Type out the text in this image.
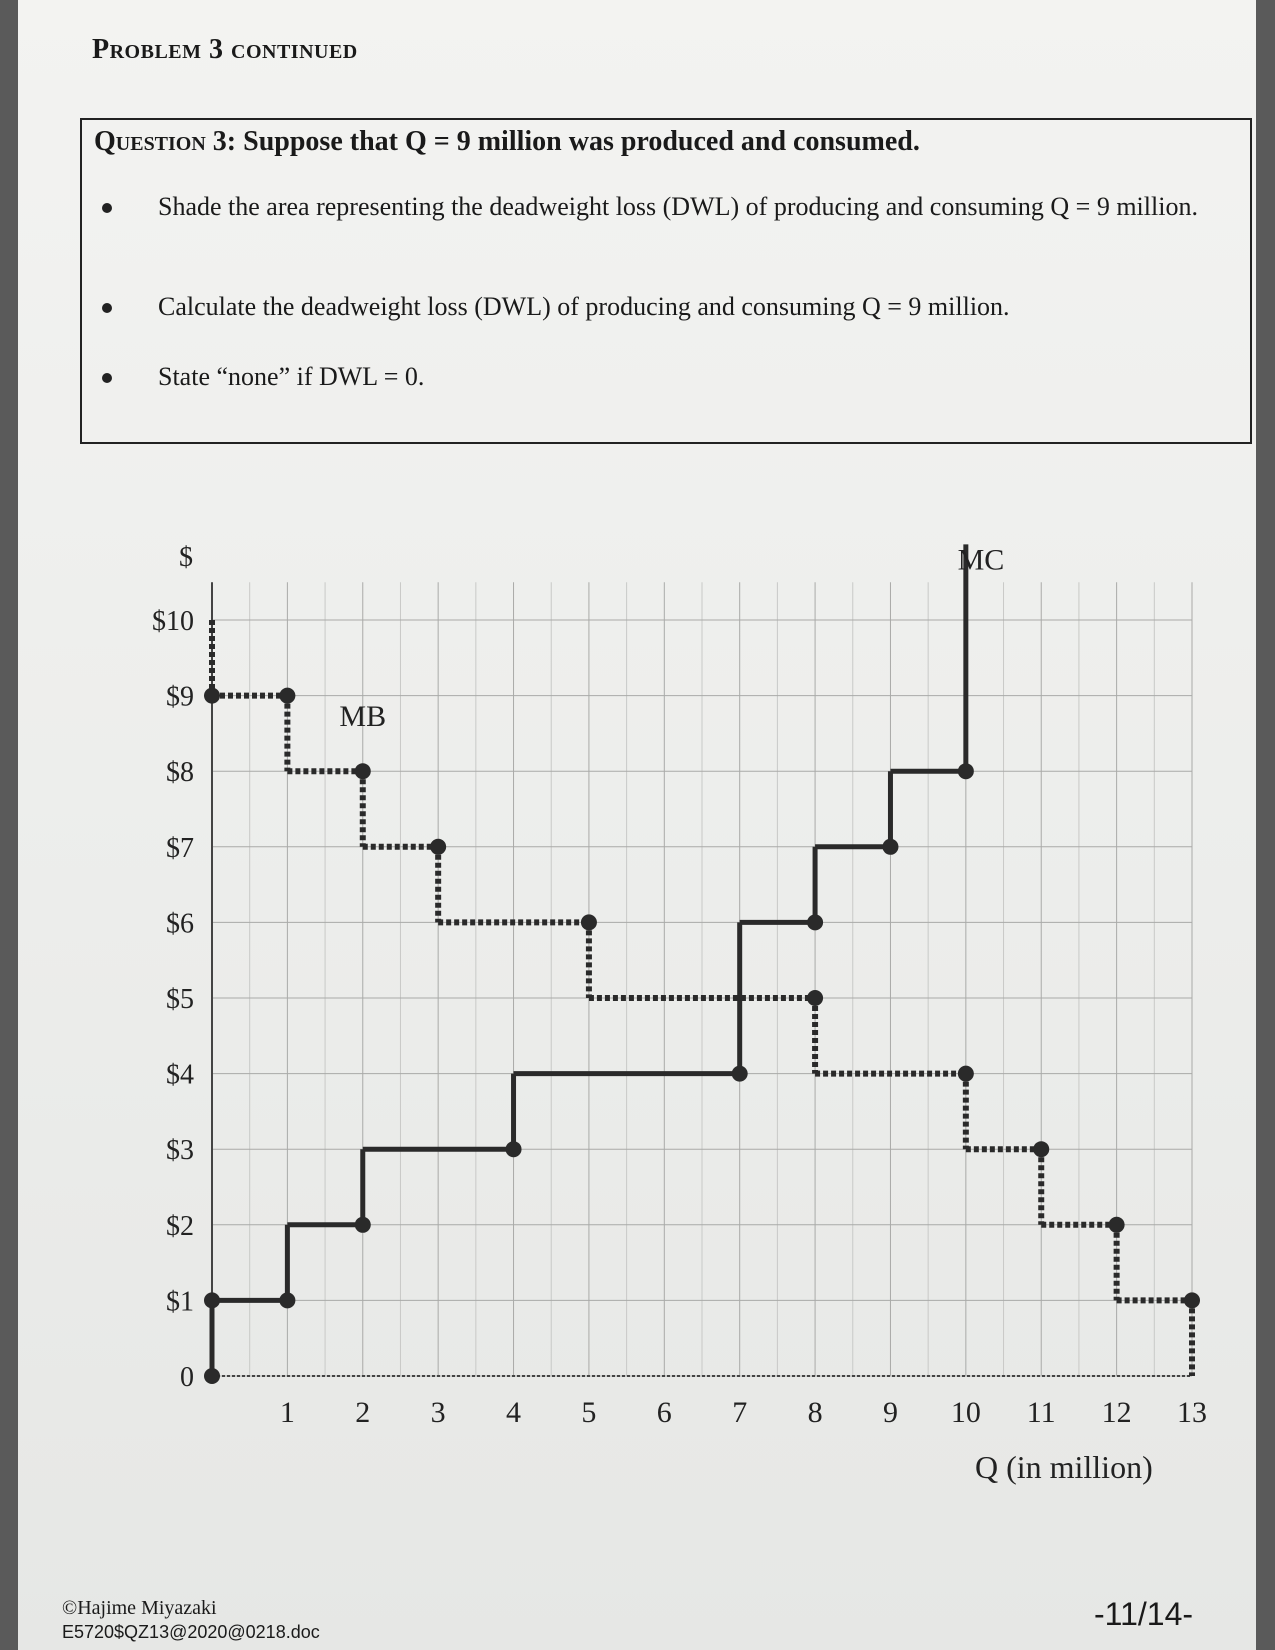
Problem 3 continued
Question 3: Suppose that Q = 9 million was produced and consumed.
Shade the area representing the deadweight loss (DWL) of producing and consuming Q = 9 million.
Calculate the deadweight loss (DWL) of producing and consuming Q = 9 million.
State “none” if DWL = 0.
1 2 3 4 5 6 7 8 9 10 11 12 13
0
$1
$2
$3
$4
$5
$6
$7
$8
$9
$10
$
Q (in million)
MB
MC
©Hajime Miyazaki
E5720$QZ13@2020@0218.doc	-11/14-
